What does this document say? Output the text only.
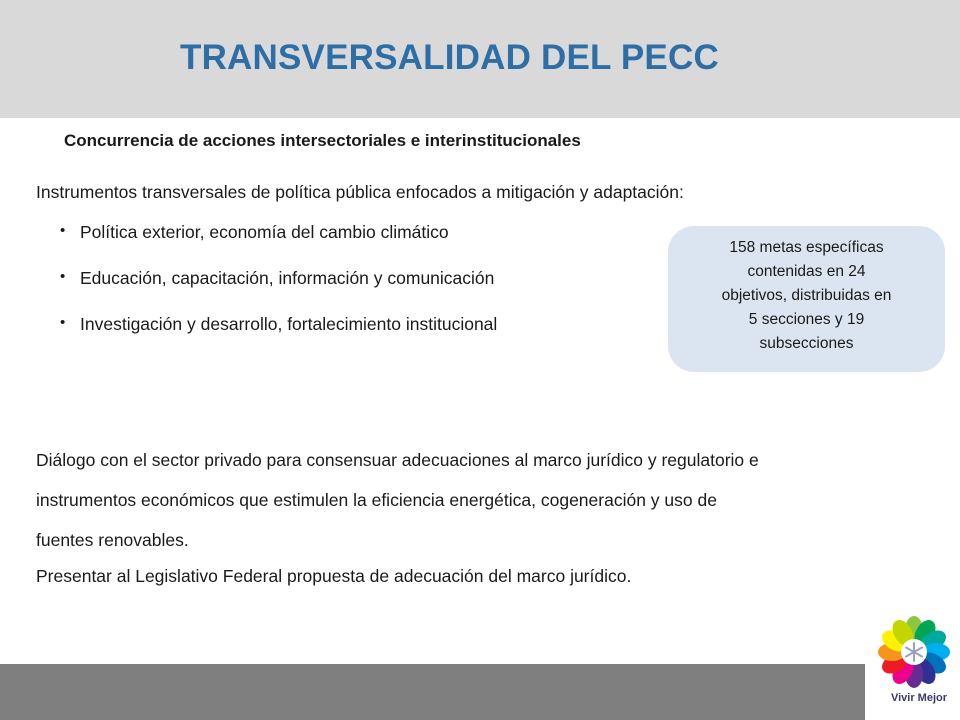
TRANSVERSALIDAD DEL PECC
Concurrencia de acciones intersectoriales e interinstitucionales
Instrumentos transversales de política pública enfocados a mitigación y adaptación:
• Política exterior, economía del cambio climático
• Educación, capacitación, información y comunicación
• Investigación y desarrollo, fortalecimiento institucional
158 metas específicas
contenidas en 24
objetivos, distribuidas en
5 secciones y 19
subsecciones
Diálogo con el sector privado para consensuar adecuaciones al marco jurídico y regulatorio e
instrumentos económicos que estimulen la eficiencia energética, cogeneración y uso de
fuentes renovables.
Presentar al Legislativo Federal propuesta de adecuación del marco jurídico.
Vivir Mejor
